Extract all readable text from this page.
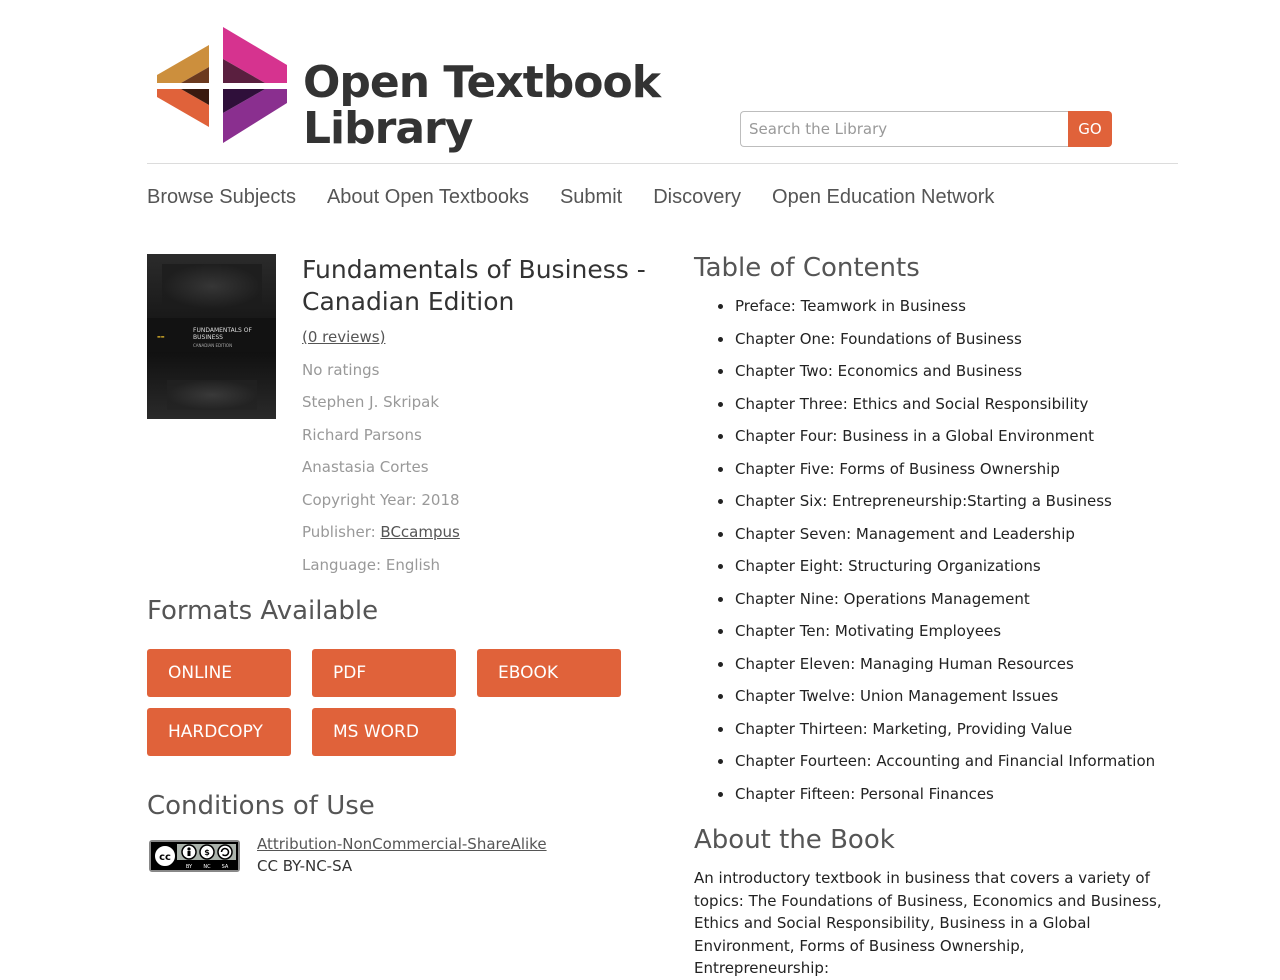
Open Textbook
Library
Search the Library	GO
Browse Subjects About Open Textbooks Submit Discovery Open Education Network
▬▬
FUNDAMENTALS OF BUSINESS
CANADIAN EDITION
Fundamentals of Business - Canadian Edition
(0 reviews)
No ratings
Stephen J. Skripak
Richard Parsons
Anastasia Cortes
Copyright Year: 2018
Publisher: BCcampus
Language: English
Formats Available
ONLINE	PDF	EBOOK
HARDCOPY	MS WORD
Conditions of Use
cc	$
BY NC SA
Attribution-NonCommercial-ShareAlike
CC BY-NC-SA
Table of Contents
Preface: Teamwork in Business
Chapter One: Foundations of Business
Chapter Two: Economics and Business
Chapter Three: Ethics and Social Responsibility
Chapter Four: Business in a Global Environment
Chapter Five: Forms of Business Ownership
Chapter Six: Entrepreneurship:Starting a Business
Chapter Seven: Management and Leadership
Chapter Eight: Structuring Organizations
Chapter Nine: Operations Management
Chapter Ten: Motivating Employees
Chapter Eleven: Managing Human Resources
Chapter Twelve: Union Management Issues
Chapter Thirteen: Marketing, Providing Value
Chapter Fourteen: Accounting and Financial Information
Chapter Fifteen: Personal Finances
About the Book

An introductory textbook in business that covers a variety of topics: The Foundations of Business, Economics and Business, Ethics and Social Responsibility, Business in a Global Environment, Forms of Business Ownership, Entrepreneurship:
